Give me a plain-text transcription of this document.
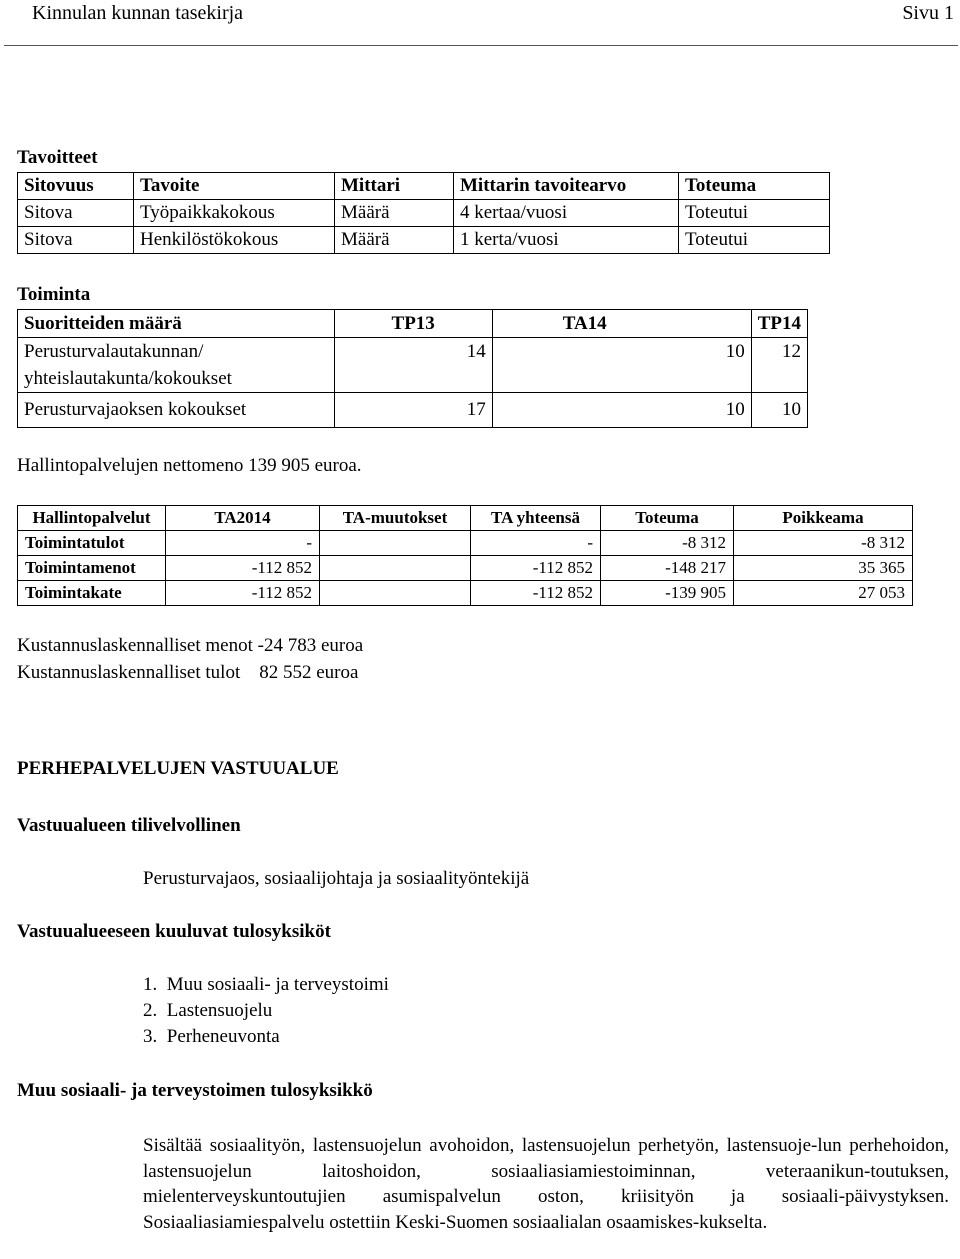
Kinnulan kunnan tasekirja	Sivu 1
Tavoitteet
Sitovuus	Tavoite	Mittari	Mittarin tavoitearvo	Toteuma
Sitova	Työpaikkakokous	Määrä	4 kertaa/vuosi	Toteutui
Sitova	Henkilöstökokous	Määrä	1 kerta/vuosi	Toteutui
Toiminta
Suoritteiden määrä	TP13	TA14	TP14

Perusturvalautakunnan/
yhteislautakunta/kokoukset	14	10	12
Perusturvajaoksen kokoukset	17	10	10
Hallintopalvelujen nettomeno 139 905 euroa.
Hallintopalvelut	TA2014	TA-muutokset	TA yhteensä	Toteuma	Poikkeama
Toimintatulot	-		-	-8 312	-8 312
Toimintamenot	-112 852		-112 852	-148 217	35 365
Toimintakate	-112 852		-112 852	-139 905	27 053
Kustannuslaskennalliset menot -24 783 euroa
Kustannuslaskennalliset tulot    82 552 euroa
PERHEPALVELUJEN VASTUUALUE
Vastuualueen tilivelvollinen
Perusturvajaos, sosiaalijohtaja ja sosiaalityöntekijä
Vastuualueeseen kuuluvat tulosyksiköt
1.  Muu sosiaali- ja terveystoimi
2.  Lastensuojelu
3.  Perheneuvonta
Muu sosiaali- ja terveystoimen tulosyksikkö
Sisältää sosiaalityön, lastensuojelun avohoidon, lastensuojelun perhetyön, lastensuoje-lun perhehoidon, lastensuojelun laitoshoidon, sosiaaliasiamiestoiminnan, veteraanikun-toutuksen, mielenterveyskuntoutujien asumispalvelun oston, kriisityön ja sosiaali-päivystyksen. Sosiaaliasiamiespalvelu ostettiin Keski-Suomen sosiaalialan osaamiskes-kukselta.
